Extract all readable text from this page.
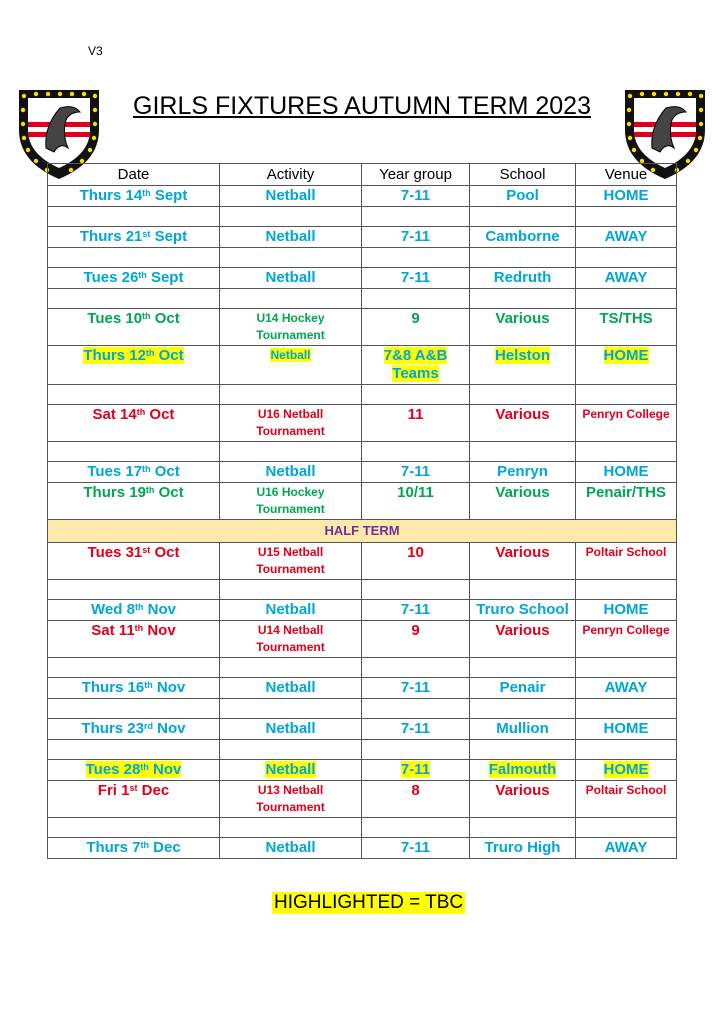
V3
GIRLS FIXTURES AUTUMN TERM 2023
Date	Activity	Year group	School	Venue
Thurs 14th Sept	Netball	7-11	Pool	HOME

Thurs 21st Sept	Netball	7-11	Camborne	AWAY

Tues 26th Sept	Netball	7-11	Redruth	AWAY

Tues 10th Oct	U14 Hockey Tournament	9	Various	TS/THS
Thurs 12th Oct	Netball	7&8 A&B Teams	Helston	HOME

Sat 14th Oct	U16 Netball Tournament	11	Various	Penryn College

Tues 17th Oct	Netball	7-11	Penryn	HOME
Thurs 19th Oct	U16 Hockey Tournament	10/11	Various	Penair/THS
HALF TERM				
Tues 31st Oct	U15 Netball Tournament	10	Various	Poltair School

Wed 8th Nov	Netball	7-11	Truro School	HOME
Sat 11th Nov	U14 Netball Tournament	9	Various	Penryn College

Thurs 16th Nov	Netball	7-11	Penair	AWAY

Thurs 23rd Nov	Netball	7-11	Mullion	HOME

Tues 28th Nov	Netball	7-11	Falmouth	HOME
Fri 1st Dec	U13 Netball Tournament	8	Various	Poltair School

Thurs 7th Dec	Netball	7-11	Truro High	AWAY
HIGHLIGHTED = TBC
